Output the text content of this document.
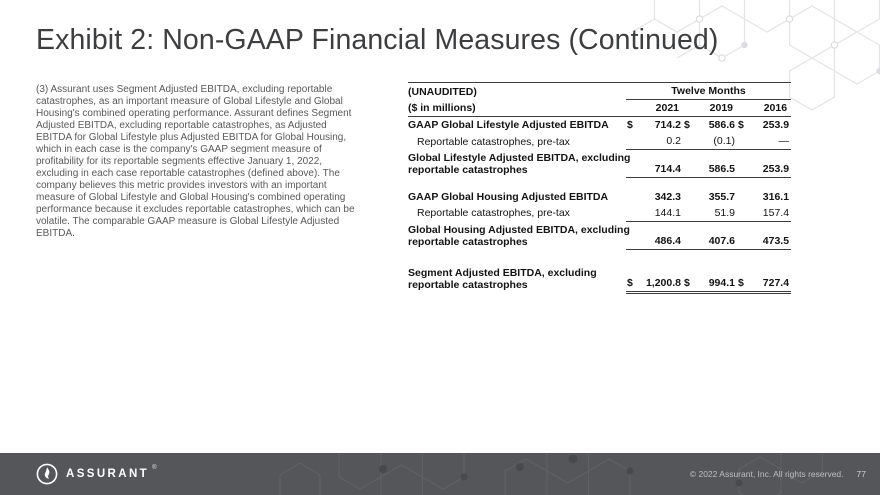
Exhibit 2: Non-GAAP Financial Measures (Continued)

(3) Assurant uses Segment Adjusted EBITDA, excluding reportable catastrophes, as an important measure of Global Lifestyle and Global Housing's combined operating performance. Assurant defines Segment Adjusted EBITDA, excluding reportable catastrophes, as Adjusted EBITDA for Global Lifestyle plus Adjusted EBITDA for Global Housing, which in each case is the company's GAAP segment measure of profitability for its reportable segments effective January 1, 2022, excluding in each case reportable catastrophes (defined above). The company believes this metric provides investors with an important measure of Global Lifestyle and Global Housing's combined operating performance because it excludes reportable catastrophes, which can be volatile. The comparable GAAP measure is Global Lifestyle Adjusted EBITDA.

(UNAUDITED)	Twelve Months					
($ in millions)	2021		2019		2016	
GAAP Global Lifestyle Adjusted EBITDA	$	714.2	$	586.6	$	253.9
Reportable catastrophes, pre-tax		0.2		(0.1)		—

Global Lifestyle Adjusted EBITDA, excluding
reportable catastrophes		714.4		586.5		253.9

GAAP Global Housing Adjusted EBITDA		342.3		355.7		316.1
Reportable catastrophes, pre-tax		144.1		51.9		157.4

Global Housing Adjusted EBITDA, excluding
reportable catastrophes		486.4		407.6		473.5

Segment Adjusted EBITDA, excluding
reportable catastrophes	$	1,200.8	$	994.1	$	727.4
ASSURANT ®
© 2022 Assurant, Inc. All rights reserved. 77
